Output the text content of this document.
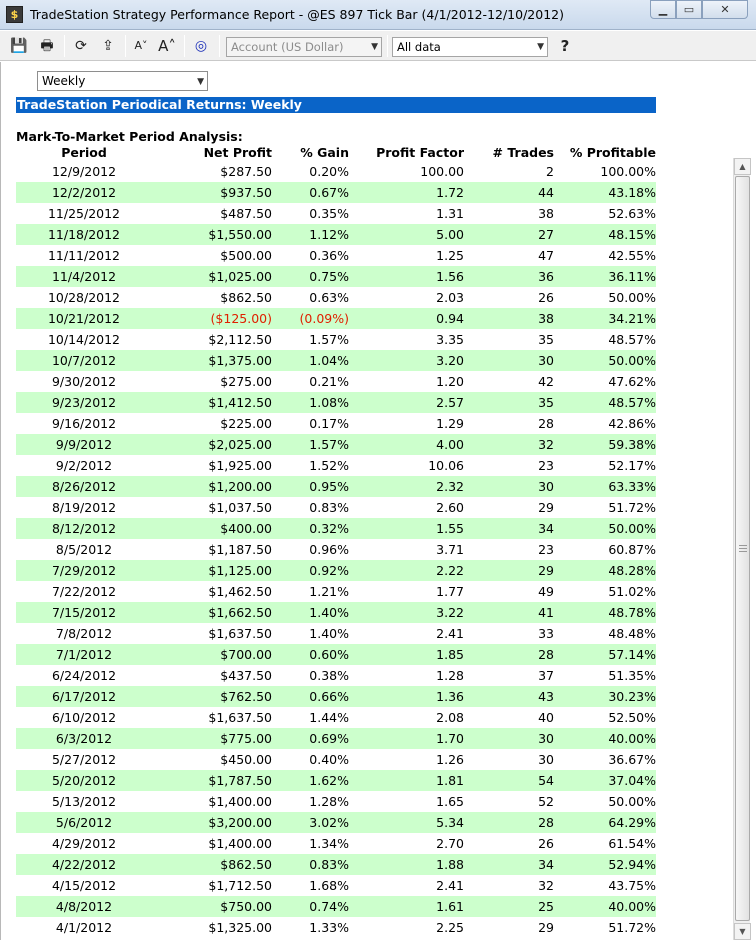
$ TradeStation Strategy Performance Report - @ES 897 Tick Bar (4/1/2012-12/10/2012)	▁	▭	✕
💾 🖶	⟳	⇪	A˅ A˄	◎	Account (US Dollar)	▼	All data	▼	?
Weekly	▼
TradeStation Periodical Returns: Weekly
Mark-To-Market Period Analysis:
Period	Net Profit	% Gain	Profit Factor	# Trades	% Profitable
12/9/2012	$287.50	0.20%	100.00	2	100.00%
12/2/2012	$937.50	0.67%	1.72	44	43.18%
11/25/2012	$487.50	0.35%	1.31	38	52.63%
11/18/2012	$1,550.00	1.12%	5.00	27	48.15%
11/11/2012	$500.00	0.36%	1.25	47	42.55%
11/4/2012	$1,025.00	0.75%	1.56	36	36.11%
10/28/2012	$862.50	0.63%	2.03	26	50.00%
10/21/2012	($125.00)	(0.09%)	0.94	38	34.21%
10/14/2012	$2,112.50	1.57%	3.35	35	48.57%
10/7/2012	$1,375.00	1.04%	3.20	30	50.00%
9/30/2012	$275.00	0.21%	1.20	42	47.62%
9/23/2012	$1,412.50	1.08%	2.57	35	48.57%
9/16/2012	$225.00	0.17%	1.29	28	42.86%
9/9/2012	$2,025.00	1.57%	4.00	32	59.38%
9/2/2012	$1,925.00	1.52%	10.06	23	52.17%
8/26/2012	$1,200.00	0.95%	2.32	30	63.33%
8/19/2012	$1,037.50	0.83%	2.60	29	51.72%
8/12/2012	$400.00	0.32%	1.55	34	50.00%
8/5/2012	$1,187.50	0.96%	3.71	23	60.87%
7/29/2012	$1,125.00	0.92%	2.22	29	48.28%
7/22/2012	$1,462.50	1.21%	1.77	49	51.02%
7/15/2012	$1,662.50	1.40%	3.22	41	48.78%
7/8/2012	$1,637.50	1.40%	2.41	33	48.48%
7/1/2012	$700.00	0.60%	1.85	28	57.14%
6/24/2012	$437.50	0.38%	1.28	37	51.35%
6/17/2012	$762.50	0.66%	1.36	43	30.23%
6/10/2012	$1,637.50	1.44%	2.08	40	52.50%
6/3/2012	$775.00	0.69%	1.70	30	40.00%
5/27/2012	$450.00	0.40%	1.26	30	36.67%
5/20/2012	$1,787.50	1.62%	1.81	54	37.04%
5/13/2012	$1,400.00	1.28%	1.65	52	50.00%
5/6/2012	$3,200.00	3.02%	5.34	28	64.29%
4/29/2012	$1,400.00	1.34%	2.70	26	61.54%
4/22/2012	$862.50	0.83%	1.88	34	52.94%
4/15/2012	$1,712.50	1.68%	2.41	32	43.75%
4/8/2012	$750.00	0.74%	1.61	25	40.00%
4/1/2012	$1,325.00	1.33%	2.25	29	51.72%
▲
▼
